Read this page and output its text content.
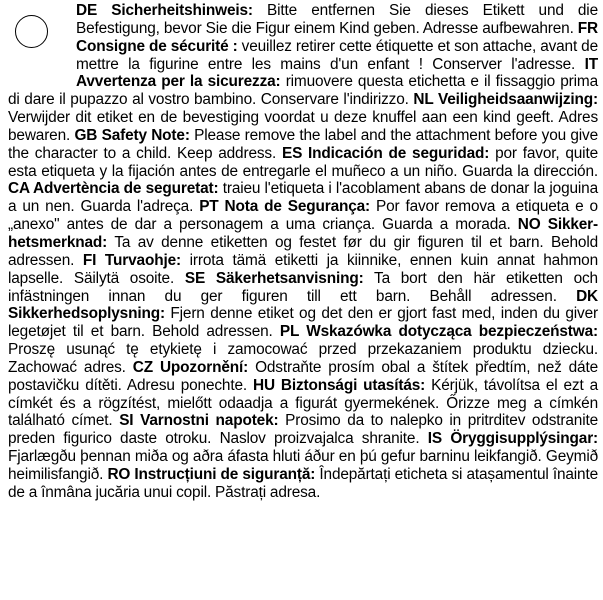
DE Sicherheitshinweis: Bitte entfernen Sie dieses Etikett und die Befestigung, bevor Sie die Figur einem Kind geben. Adresse aufbewahren. FR Consigne de sécurité : veuillez retirer cette étiquette et son attache, avant de mettre la figurine entre les mains d'un enfant ! Conserver l'adresse. IT Avvertenza per la sicurezza: rimuovere questa etichetta e il fissaggio prima di dare il pupazzo al vostro bambino. Conservare l'indirizzo. NL Veiligheidsaanwijzing: Verwijder dit etiket en de bevestiging voordat u deze knuffel aan een kind geeft. Adres bewaren. GB Safety Note: Please remove the label and the attachment before you give the character to a child. Keep address. ES Indicación de seguridad: por favor, quite esta etiqueta y la fijación antes de entregarle el muñeco a un niño. Guarda la dirección. CA Advertència de seguretat: traieu l'etiqueta i l'acoblament abans de donar la joguina a un nen. Guarda l'adreça. PT Nota de Segurança: Por favor remova a etiqueta e o „anexo" antes de dar a personagem a uma criança. Guarda a morada. NO Sikker-hetsmerknad: Ta av denne etiketten og festet før du gir figuren til et barn. Behold adressen. FI Turvaohje: irrota tämä etiketti ja kiinnike, ennen kuin annat hahmon lapselle. Säilytä osoite. SE Säkerhetsanvisning: Ta bort den här etiketten och infästningen innan du ger figuren till ett barn. Behåll adressen. DK Sikkerhedsoplysning: Fjern denne etiket og det den er gjort fast med, inden du giver legetøjet til et barn. Behold adressen. PL Wskazówka dotycząca bezpieczeństwa: Proszę usunąć tę etykietę i zamocować przed przekazaniem produktu dziecku. Zachować adres. CZ Upozornění: Odstraňte prosím obal a štítek předtím, než dáte postavičku dítěti. Adresu ponechte. HU Biztonsági utasítás: Kérjük, távolítsa el ezt a címkét és a rögzítést, mielőtt odaadja a figurát gyermekének. Őrizze meg a címkén található címet. SI Varnostni napotek: Prosimo da to nalepko in pritrditev odstranite preden figurico daste otroku. Naslov proizvajalca shranite. IS Öryggisupplýsingar: Fjarlægðu þennan miða og aðra áfasta hluti áður en þú gefur barninu leikfangið. Geymið heimilisfangið. RO Instrucțiuni de siguranță: Îndepărtați eticheta si atașamentul înainte de a înmâna jucăria unui copil. Păstrați adresa.
